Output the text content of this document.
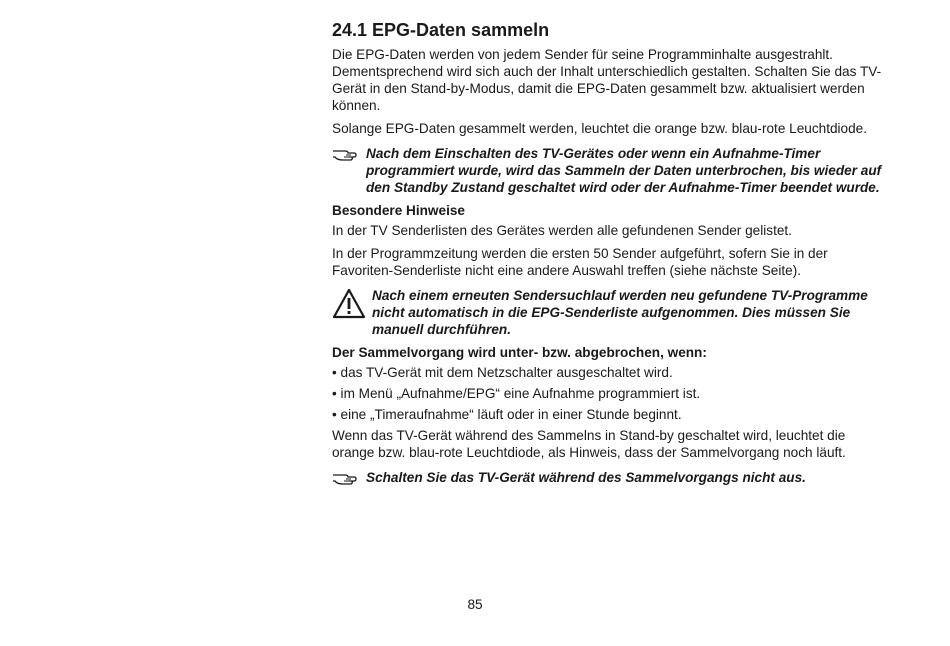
24.1 EPG-Daten sammeln

Die EPG-Daten werden von jedem Sender für seine Programminhalte ausgestrahlt. Dementsprechend wird sich auch der Inhalt unterschiedlich gestalten. Schalten Sie das TV-Gerät in den Stand-by-Modus, damit die EPG-Daten gesammelt bzw. aktualisiert werden können.

Solange EPG-Daten gesammelt werden, leuchtet die orange bzw. blau-rote Leuchtdiode.

Nach dem Einschalten des TV-Gerätes oder wenn ein Aufnahme-Timer programmiert wurde, wird das Sammeln der Daten unterbrochen, bis wieder auf den Standby Zustand geschaltet wird oder der Aufnahme-Timer beendet wurde.
Besondere Hinweise

In der TV Senderlisten des Gerätes werden alle gefundenen Sender gelistet.

In der Programmzeitung werden die ersten 50 Sender aufgeführt, sofern Sie in der Favoriten-Senderliste nicht eine andere Auswahl treffen (siehe nächste Seite).

Nach einem erneuten Sendersuchlauf werden neu gefundene TV-Programme nicht automatisch in die EPG-Senderliste aufgenommen. Dies müssen Sie manuell durchführen.
Der Sammelvorgang wird unter- bzw. abgebrochen, wenn:
• das TV-Gerät mit dem Netzschalter ausgeschaltet wird.
• im Menü „Aufnahme/EPG“ eine Aufnahme programmiert ist.
• eine „Timeraufnahme“ läuft oder in einer Stunde beginnt.

Wenn das TV-Gerät während des Sammelns in Stand-by geschaltet wird, leuchtet die orange bzw. blau-rote Leuchtdiode, als Hinweis, dass der Sammelvorgang noch läuft.

Schalten Sie das TV-Gerät während des Sammelvorgangs nicht aus.
85
